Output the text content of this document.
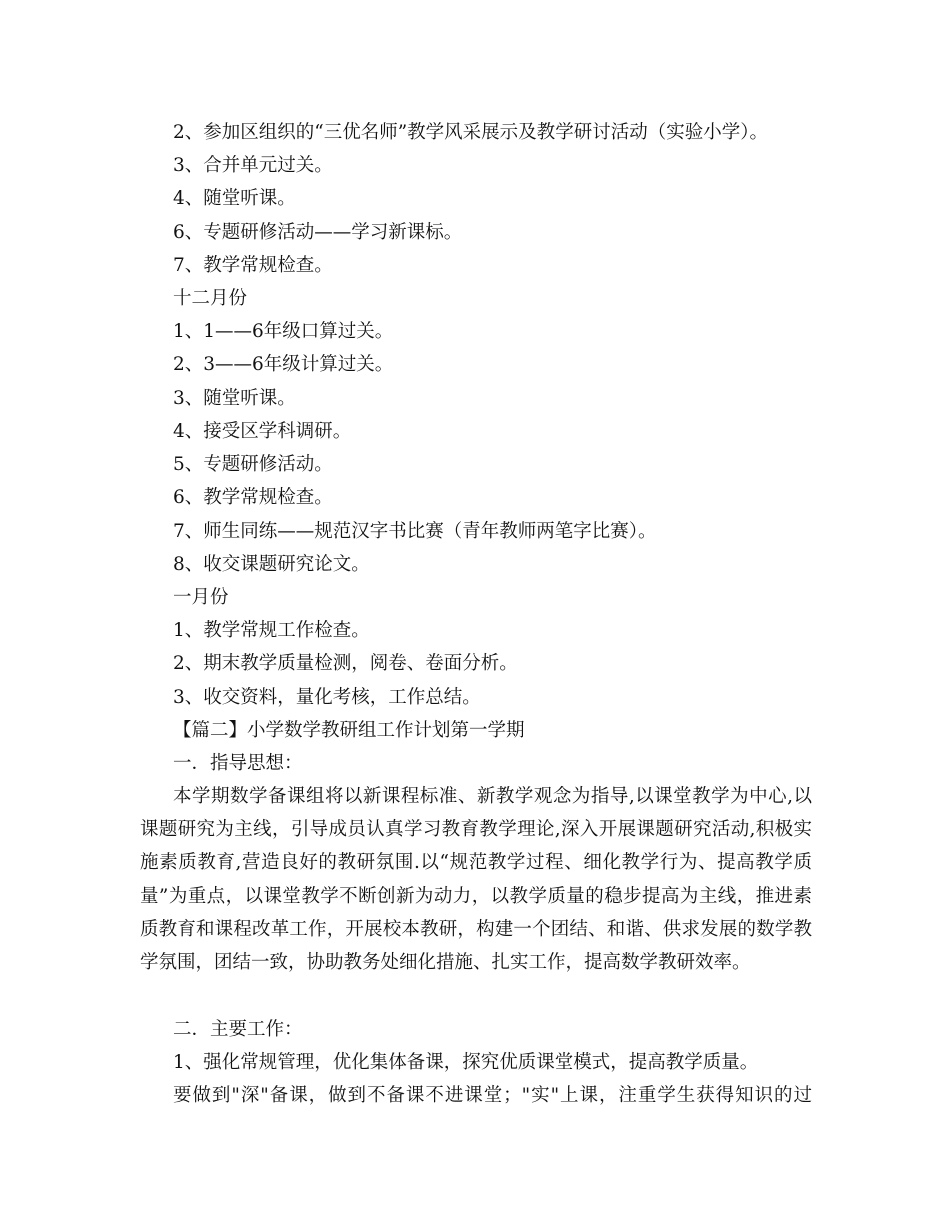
2、参加区组织的“三优名师”教学风采展示及教学研讨活动（实验小学）。
3、合并单元过关。
4、随堂听课。
6、专题研修活动——学习新课标。
7、教学常规检查。
十二月份
1、1——6年级口算过关。
2、3——6年级计算过关。
3、随堂听课。
4、接受区学科调研。
5、专题研修活动。
6、教学常规检查。
7、师生同练——规范汉字书比赛（青年教师两笔字比赛）。
8、收交课题研究论文。
一月份
1、教学常规工作检查。
2、期末教学质量检测，阅卷、卷面分析。
3、收交资料，量化考核，工作总结。
【篇二】小学数学教研组工作计划第一学期
一．指导思想：
本学期数学备课组将以新课程标准、新教学观念为指导,以课堂教学为中心,以
课题研究为主线，引导成员认真学习教育教学理论,深入开展课题研究活动,积极实
施素质教育,营造良好的教研氛围.以“规范教学过程、细化教学行为、提高教学质
量”为重点，以课堂教学不断创新为动力，以教学质量的稳步提高为主线，推进素
质教育和课程改革工作，开展校本教研，构建一个团结、和谐、供求发展的数学教
学氛围，团结一致，协助教务处细化措施、扎实工作，提高数学教研效率。
二．主要工作：
1、强化常规管理，优化集体备课，探究优质课堂模式，提高教学质量。
要做到"深"备课，做到不备课不进课堂；"实"上课，注重学生获得知识的过
